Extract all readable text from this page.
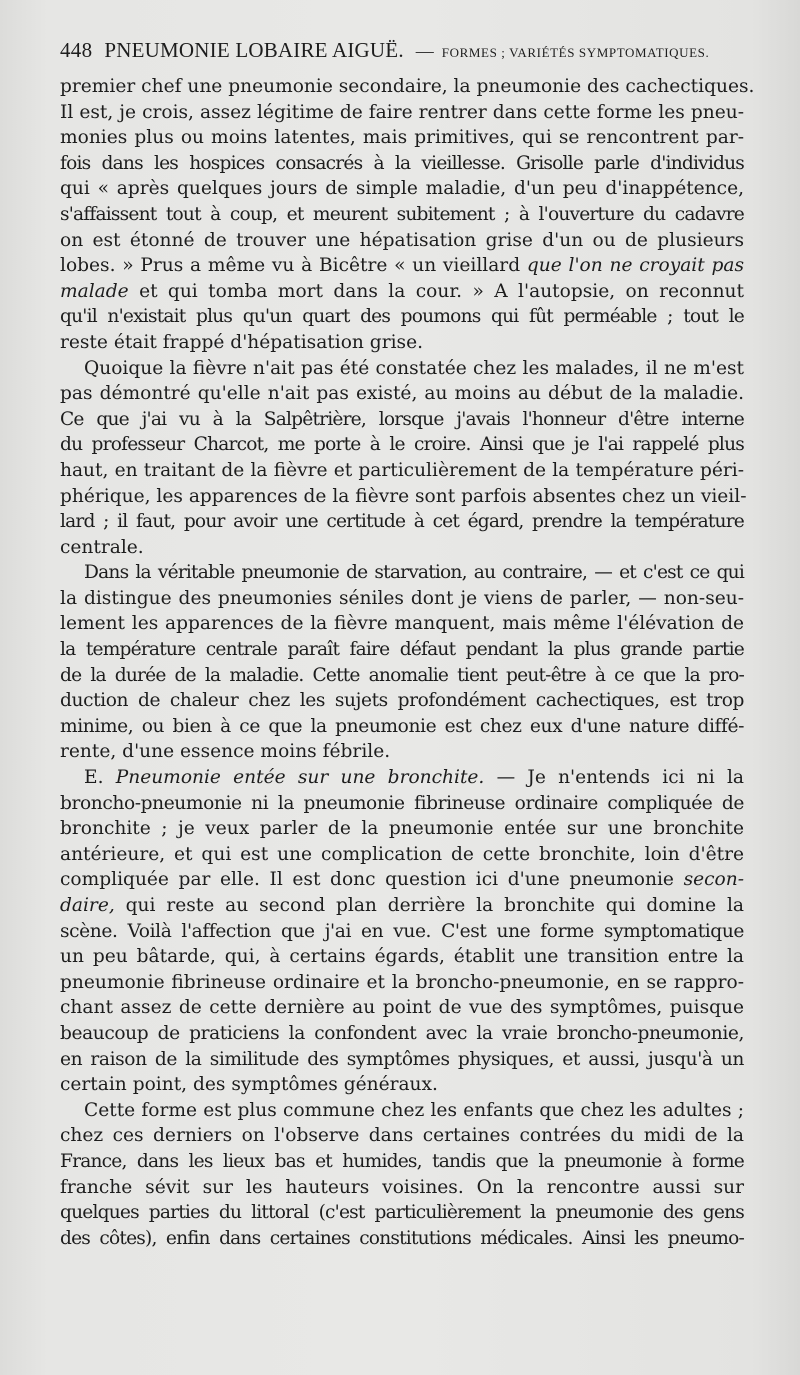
448 PNEUMONIE LOBAIRE AIGUË. — FORMES ; VARIÉTÉS SYMPTOMATIQUES.

premier chef une pneumonie secondaire, la pneumonie des cachectiques.
Il est, je crois, assez légitime de faire rentrer dans cette forme les pneu-
monies plus ou moins latentes, mais primitives, qui se rencontrent par-
fois dans les hospices consacrés à la vieillesse. Grisolle parle d'individus
qui « après quelques jours de simple maladie, d'un peu d'inappétence,
s'affaissent tout à coup, et meurent subitement ; à l'ouverture du cadavre
on est étonné de trouver une hépatisation grise d'un ou de plusieurs
lobes. » Prus a même vu à Bicêtre « un vieillard que l'on ne croyait pas
malade et qui tomba mort dans la cour. » A l'autopsie, on reconnut
qu'il n'existait plus qu'un quart des poumons qui fût perméable ; tout le
reste était frappé d'hépatisation grise.

Quoique la fièvre n'ait pas été constatée chez les malades, il ne m'est
pas démontré qu'elle n'ait pas existé, au moins au début de la maladie.
Ce que j'ai vu à la Salpêtrière, lorsque j'avais l'honneur d'être interne
du professeur Charcot, me porte à le croire. Ainsi que je l'ai rappelé plus
haut, en traitant de la fièvre et particulièrement de la température péri-
phérique, les apparences de la fièvre sont parfois absentes chez un vieil-
lard ; il faut, pour avoir une certitude à cet égard, prendre la température
centrale.

Dans la véritable pneumonie de starvation, au contraire, — et c'est ce qui
la distingue des pneumonies séniles dont je viens de parler, — non-seu-
lement les apparences de la fièvre manquent, mais même l'élévation de
la température centrale paraît faire défaut pendant la plus grande partie
de la durée de la maladie. Cette anomalie tient peut-être à ce que la pro-
duction de chaleur chez les sujets profondément cachectiques, est trop
minime, ou bien à ce que la pneumonie est chez eux d'une nature diffé-
rente, d'une essence moins fébrile.

E. Pneumonie entée sur une bronchite. — Je n'entends ici ni la
broncho-pneumonie ni la pneumonie fibrineuse ordinaire compliquée de
bronchite ; je veux parler de la pneumonie entée sur une bronchite
antérieure, et qui est une complication de cette bronchite, loin d'être
compliquée par elle. Il est donc question ici d'une pneumonie secon-
daire, qui reste au second plan derrière la bronchite qui domine la
scène. Voilà l'affection que j'ai en vue. C'est une forme symptomatique
un peu bâtarde, qui, à certains égards, établit une transition entre la
pneumonie fibrineuse ordinaire et la broncho-pneumonie, en se rappro-
chant assez de cette dernière au point de vue des symptômes, puisque
beaucoup de praticiens la confondent avec la vraie broncho-pneumonie,
en raison de la similitude des symptômes physiques, et aussi, jusqu'à un
certain point, des symptômes généraux.

Cette forme est plus commune chez les enfants que chez les adultes ;
chez ces derniers on l'observe dans certaines contrées du midi de la
France, dans les lieux bas et humides, tandis que la pneumonie à forme
franche sévit sur les hauteurs voisines. On la rencontre aussi sur
quelques parties du littoral (c'est particulièrement la pneumonie des gens
des côtes), enfin dans certaines constitutions médicales. Ainsi les pneumo-
